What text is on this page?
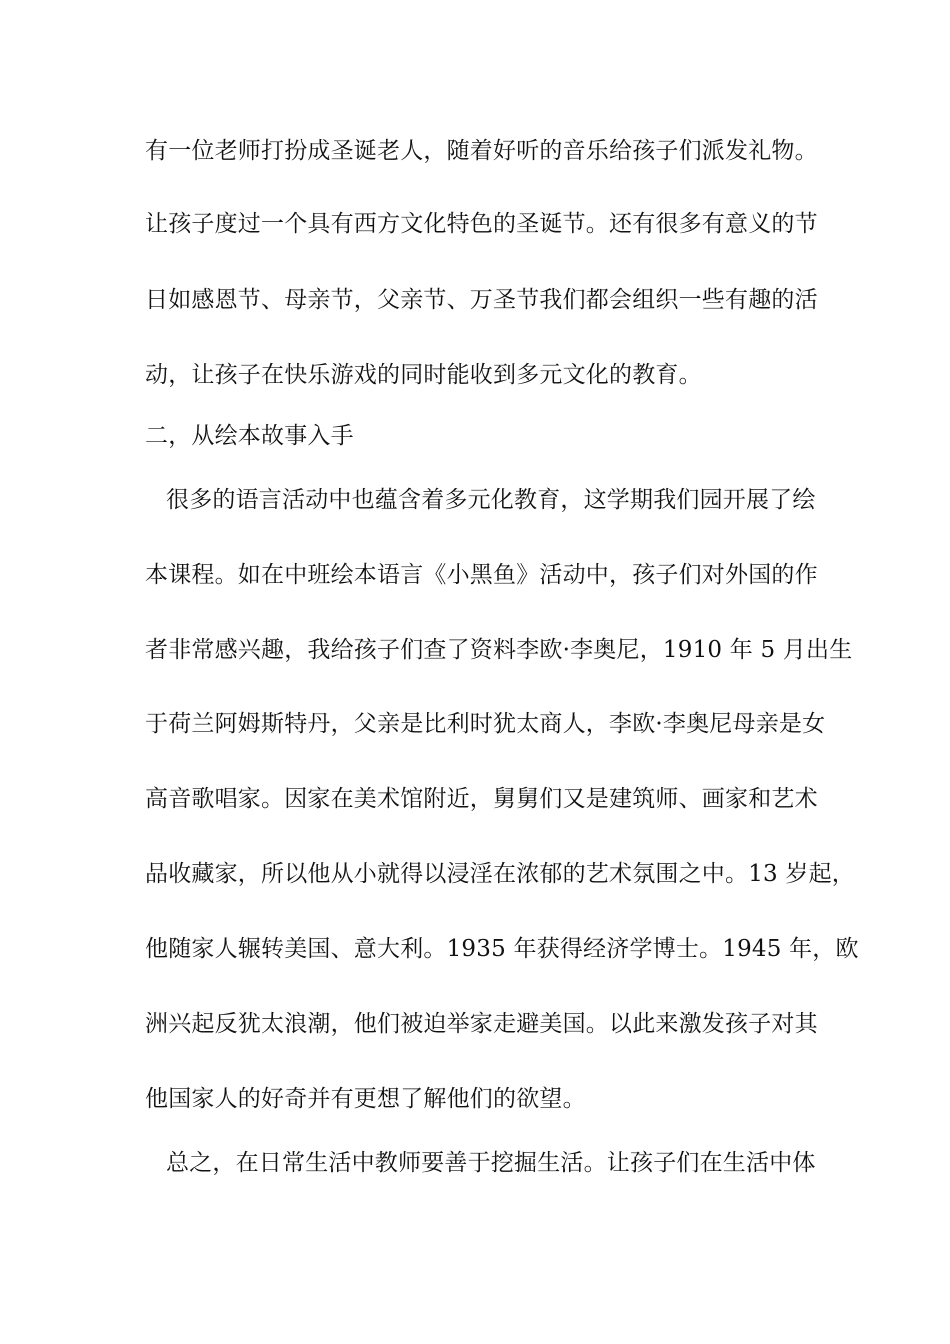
有一位老师打扮成圣诞老人，随着好听的音乐给孩子们派发礼物。
让孩子度过一个具有西方文化特色的圣诞节。还有很多有意义的节
日如感恩节、母亲节，父亲节、万圣节我们都会组织一些有趣的活
动，让孩子在快乐游戏的同时能收到多元文化的教育。
二，从绘本故事入手
很多的语言活动中也蕴含着多元化教育，这学期我们园开展了绘
本课程。如在中班绘本语言《小黑鱼》活动中，孩子们对外国的作
者非常感兴趣，我给孩子们查了资料李欧·李奥尼，1910 年 5 月出生
于荷兰阿姆斯特丹，父亲是比利时犹太商人，李欧·李奥尼母亲是女
高音歌唱家。因家在美术馆附近，舅舅们又是建筑师、画家和艺术
品收藏家，所以他从小就得以浸淫在浓郁的艺术氛围之中。13 岁起，
他随家人辗转美国、意大利。1935 年获得经济学博士。1945 年，欧
洲兴起反犹太浪潮，他们被迫举家走避美国。以此来激发孩子对其
他国家人的好奇并有更想了解他们的欲望。
总之，在日常生活中教师要善于挖掘生活。让孩子们在生活中体
